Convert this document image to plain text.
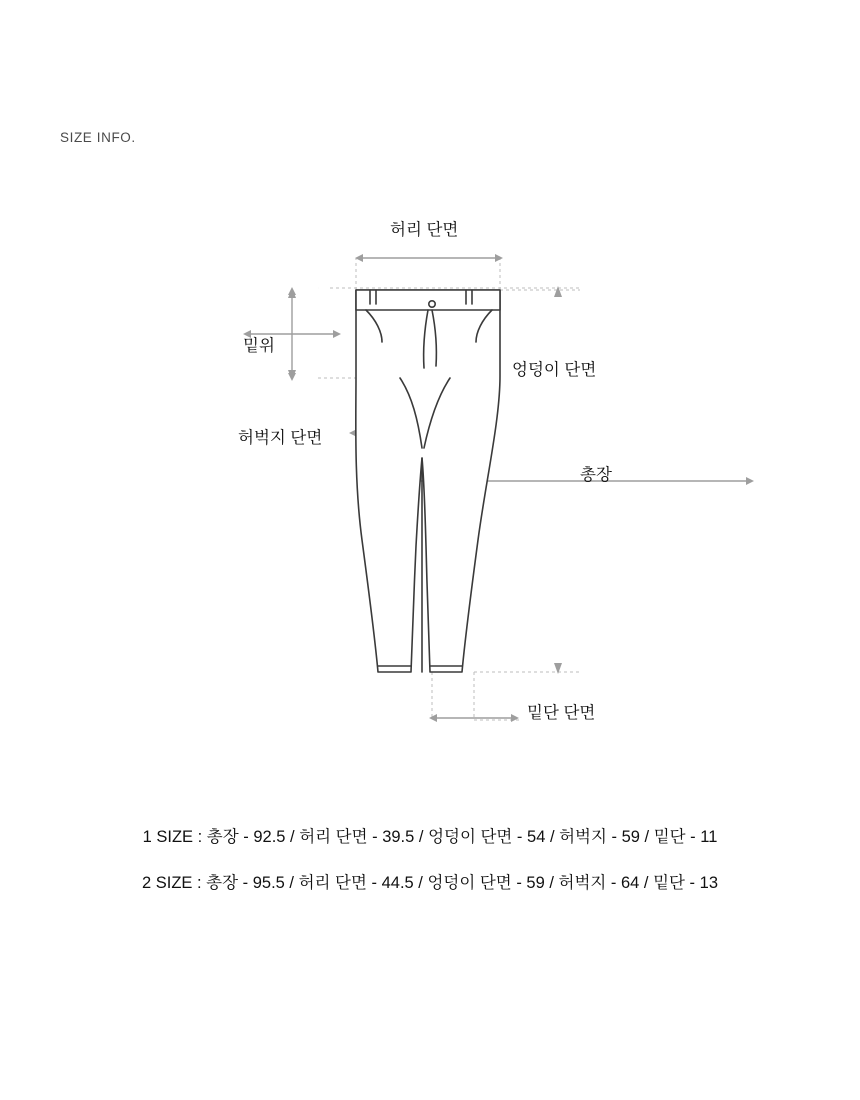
SIZE INFO.
허리 단면
밑위
엉덩이 단면
허벅지 단면
총장
밑단 단면
1 SIZE : 총장 - 92.5 / 허리 단면 - 39.5 / 엉덩이 단면 - 54 / 허벅지 - 59 / 밑단 - 11
2 SIZE : 총장 - 95.5 / 허리 단면 - 44.5 / 엉덩이 단면 - 59 / 허벅지 - 64 / 밑단 - 13
